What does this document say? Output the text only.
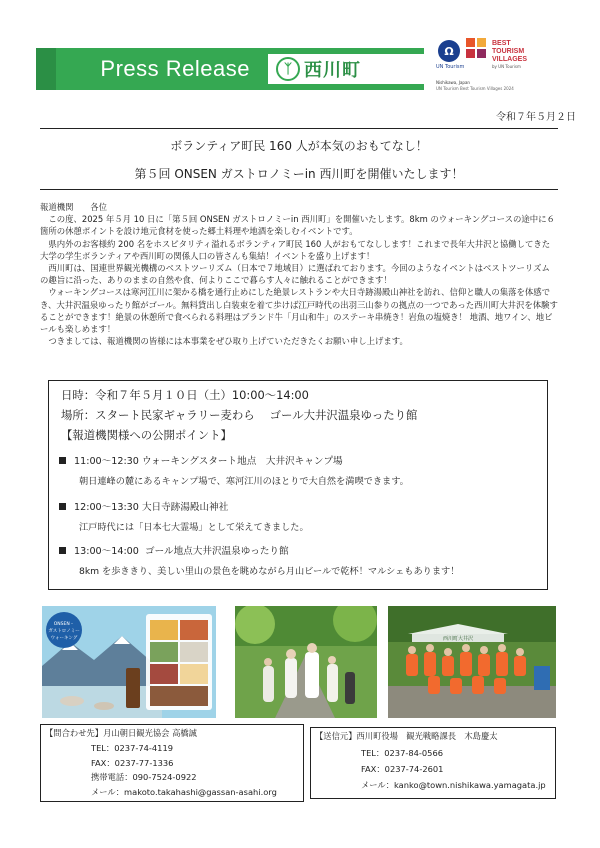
Press Release	ᛉ 西川町
Ω
UN Tourism
BEST
TOURISM
VILLAGES
by UN Tourism
Nishikawa, Japan
UN Tourism Best Tourism Villages 2024
令和７年５月２日
ボランティア町民 160 人が本気のおもてなし！
第５回 ONSEN ガストロノミーin 西川町を開催いたします！

報道機関　　各位

この度、2025 年５月 10 日に「第５回 ONSEN ガストロノミーin 西川町」を開催いたします。8km のウォーキングコースの途中に６箇所の休憩ポイントを設け地元食材を使った郷土料理や地酒を楽しむイベントです。

県内外のお客様約 200 名をホスピタリティ溢れるボランティア町民 160 人がおもてなしします！これまで長年大井沢と協働してきた大学の学生ボランティアや西川町の関係人口の皆さんも集結！イベントを盛り上げます！

西川町は、国連世界観光機構のベストツーリズム（日本で７地域目）に選ばれております。今回のようなイベントはベストツーリズムの趣旨に沿った、ありのままの自然や食、何よりここで暮らす人々に触れることができます！

ウォーキングコースは寒河江川に架かる橋を通行止めにした絶景レストランや大日寺跡湯殿山神社を訪れ、信仰と職人の集落を体感でき、大井沢温泉ゆったり館がゴール。無料貸出し白装束を着て歩けば江戸時代の出羽三山参りの拠点の一つであった西川町大井沢を体験することができます！絶景の休憩所で食べられる料理はブランド牛「月山和牛」のステーキ串焼き！岩魚の塩焼き！ 地酒、地ワイン、地ビールも楽しめます！

つきましては、報道機関の皆様には本事業をぜひ取り上げていただきたくお願い申し上げます。

日時：令和７年５月１０日（土）10:00～14:00
場所：スタート民家ギャラリー麦わら　 ゴール大井沢温泉ゆったり館
【報道機関様への公開ポイント】
11:00～12:30 ウォーキングスタート地点　大井沢キャンプ場
朝日連峰の麓にあるキャンプ場で、寒河江川のほとりで大自然を満喫できます。
12:00～13:30 大日寺跡湯殿山神社
江戸時代には「日本七大霊場」として栄えてきました。
13:00～14:00 ゴール地点大井沢温泉ゆったり館
8km を歩ききり、美しい里山の景色を眺めながら月山ビールで乾杯！マルシェもあります！
ONSEN・
ガストロノミー
ウォーキング	西川町大井沢
【問合わせ先】月山朝日観光協会 高橋誠
TEL：0237-74-4119
FAX：0237-77-1336
携帯電話：090-7524-0922
メール：makoto.takahashi@gassan-asahi.org
【送信元】西川町役場　観光戦略課長　木島慶太
TEL：0237-84-0566
FAX：0237-74-2601
メール：kanko@town.nishikawa.yamagata.jp
